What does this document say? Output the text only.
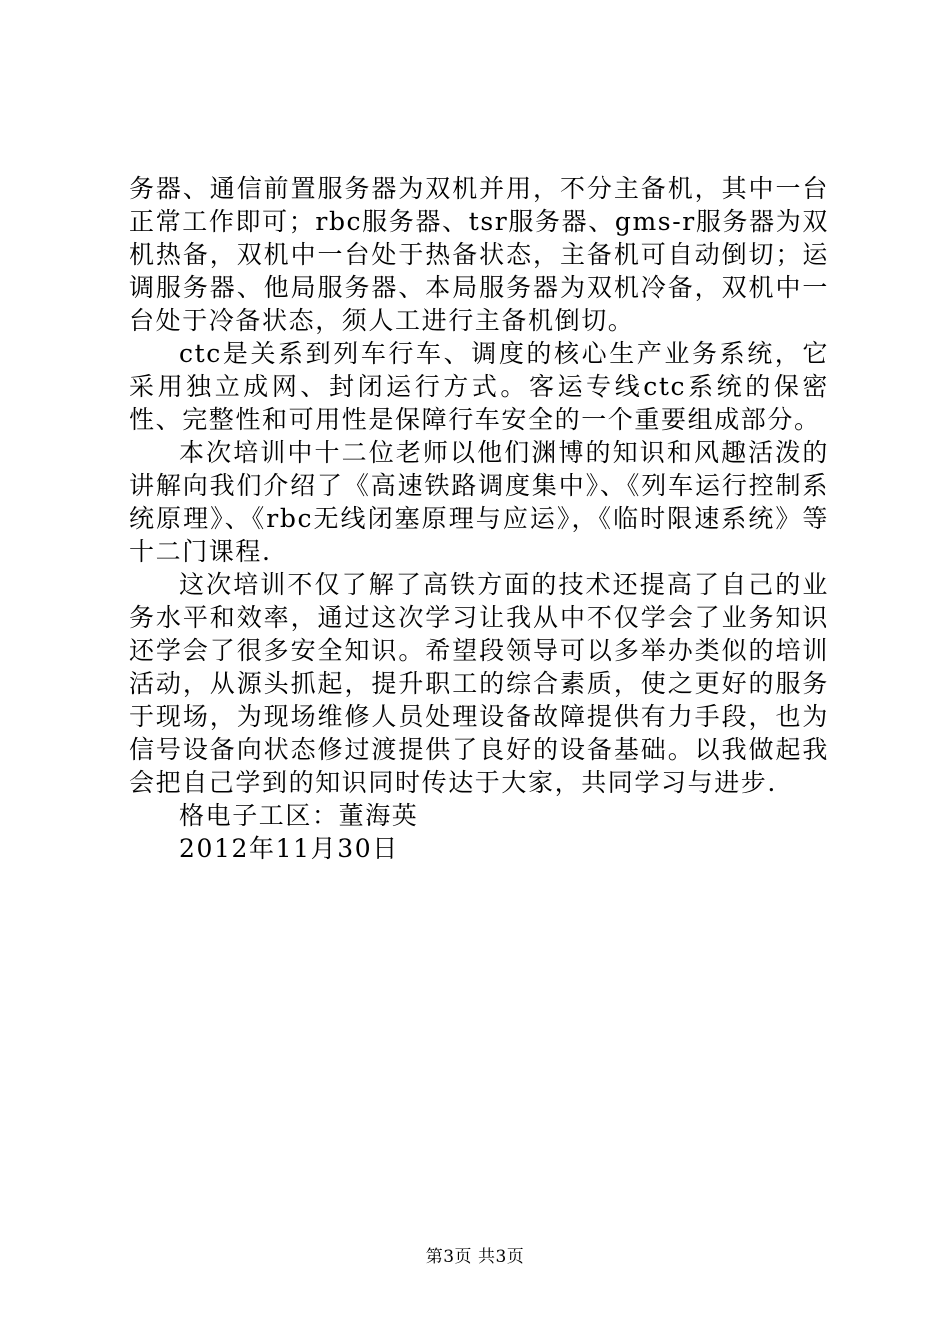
务器、通信前置服务器为双机并用，不分主备机，其中一台正常工作即可；rbc服务器、tsr服务器、gms-r服务器为双机热备，双机中一台处于热备状态，主备机可自动倒切；运调服务器、他局服务器、本局服务器为双机冷备，双机中一台处于冷备状态，须人工进行主备机倒切。

ctc是关系到列车行车、调度的核心生产业务系统，它采用独立成网、封闭运行方式。客运专线ctc系统的保密性、完整性和可用性是保障行车安全的一个重要组成部分。

本次培训中十二位老师以他们渊博的知识和风趣活泼的讲解向我们介绍了《高速铁路调度集中》、《列车运行控制系统原理》、《rbc无线闭塞原理与应运》，《临时限速系统》等十二门课程.

这次培训不仅了解了高铁方面的技术还提高了自己的业务水平和效率，通过这次学习让我从中不仅学会了业务知识还学会了很多安全知识。希望段领导可以多举办类似的培训活动，从源头抓起，提升职工的综合素质，使之更好的服务于现场，为现场维修人员处理设备故障提供有力手段，也为信号设备向状态修过渡提供了良好的设备基础。以我做起我会把自己学到的知识同时传达于大家，共同学习与进步.

格电子工区：董海英

2012年11月30日

第3页 共3页
